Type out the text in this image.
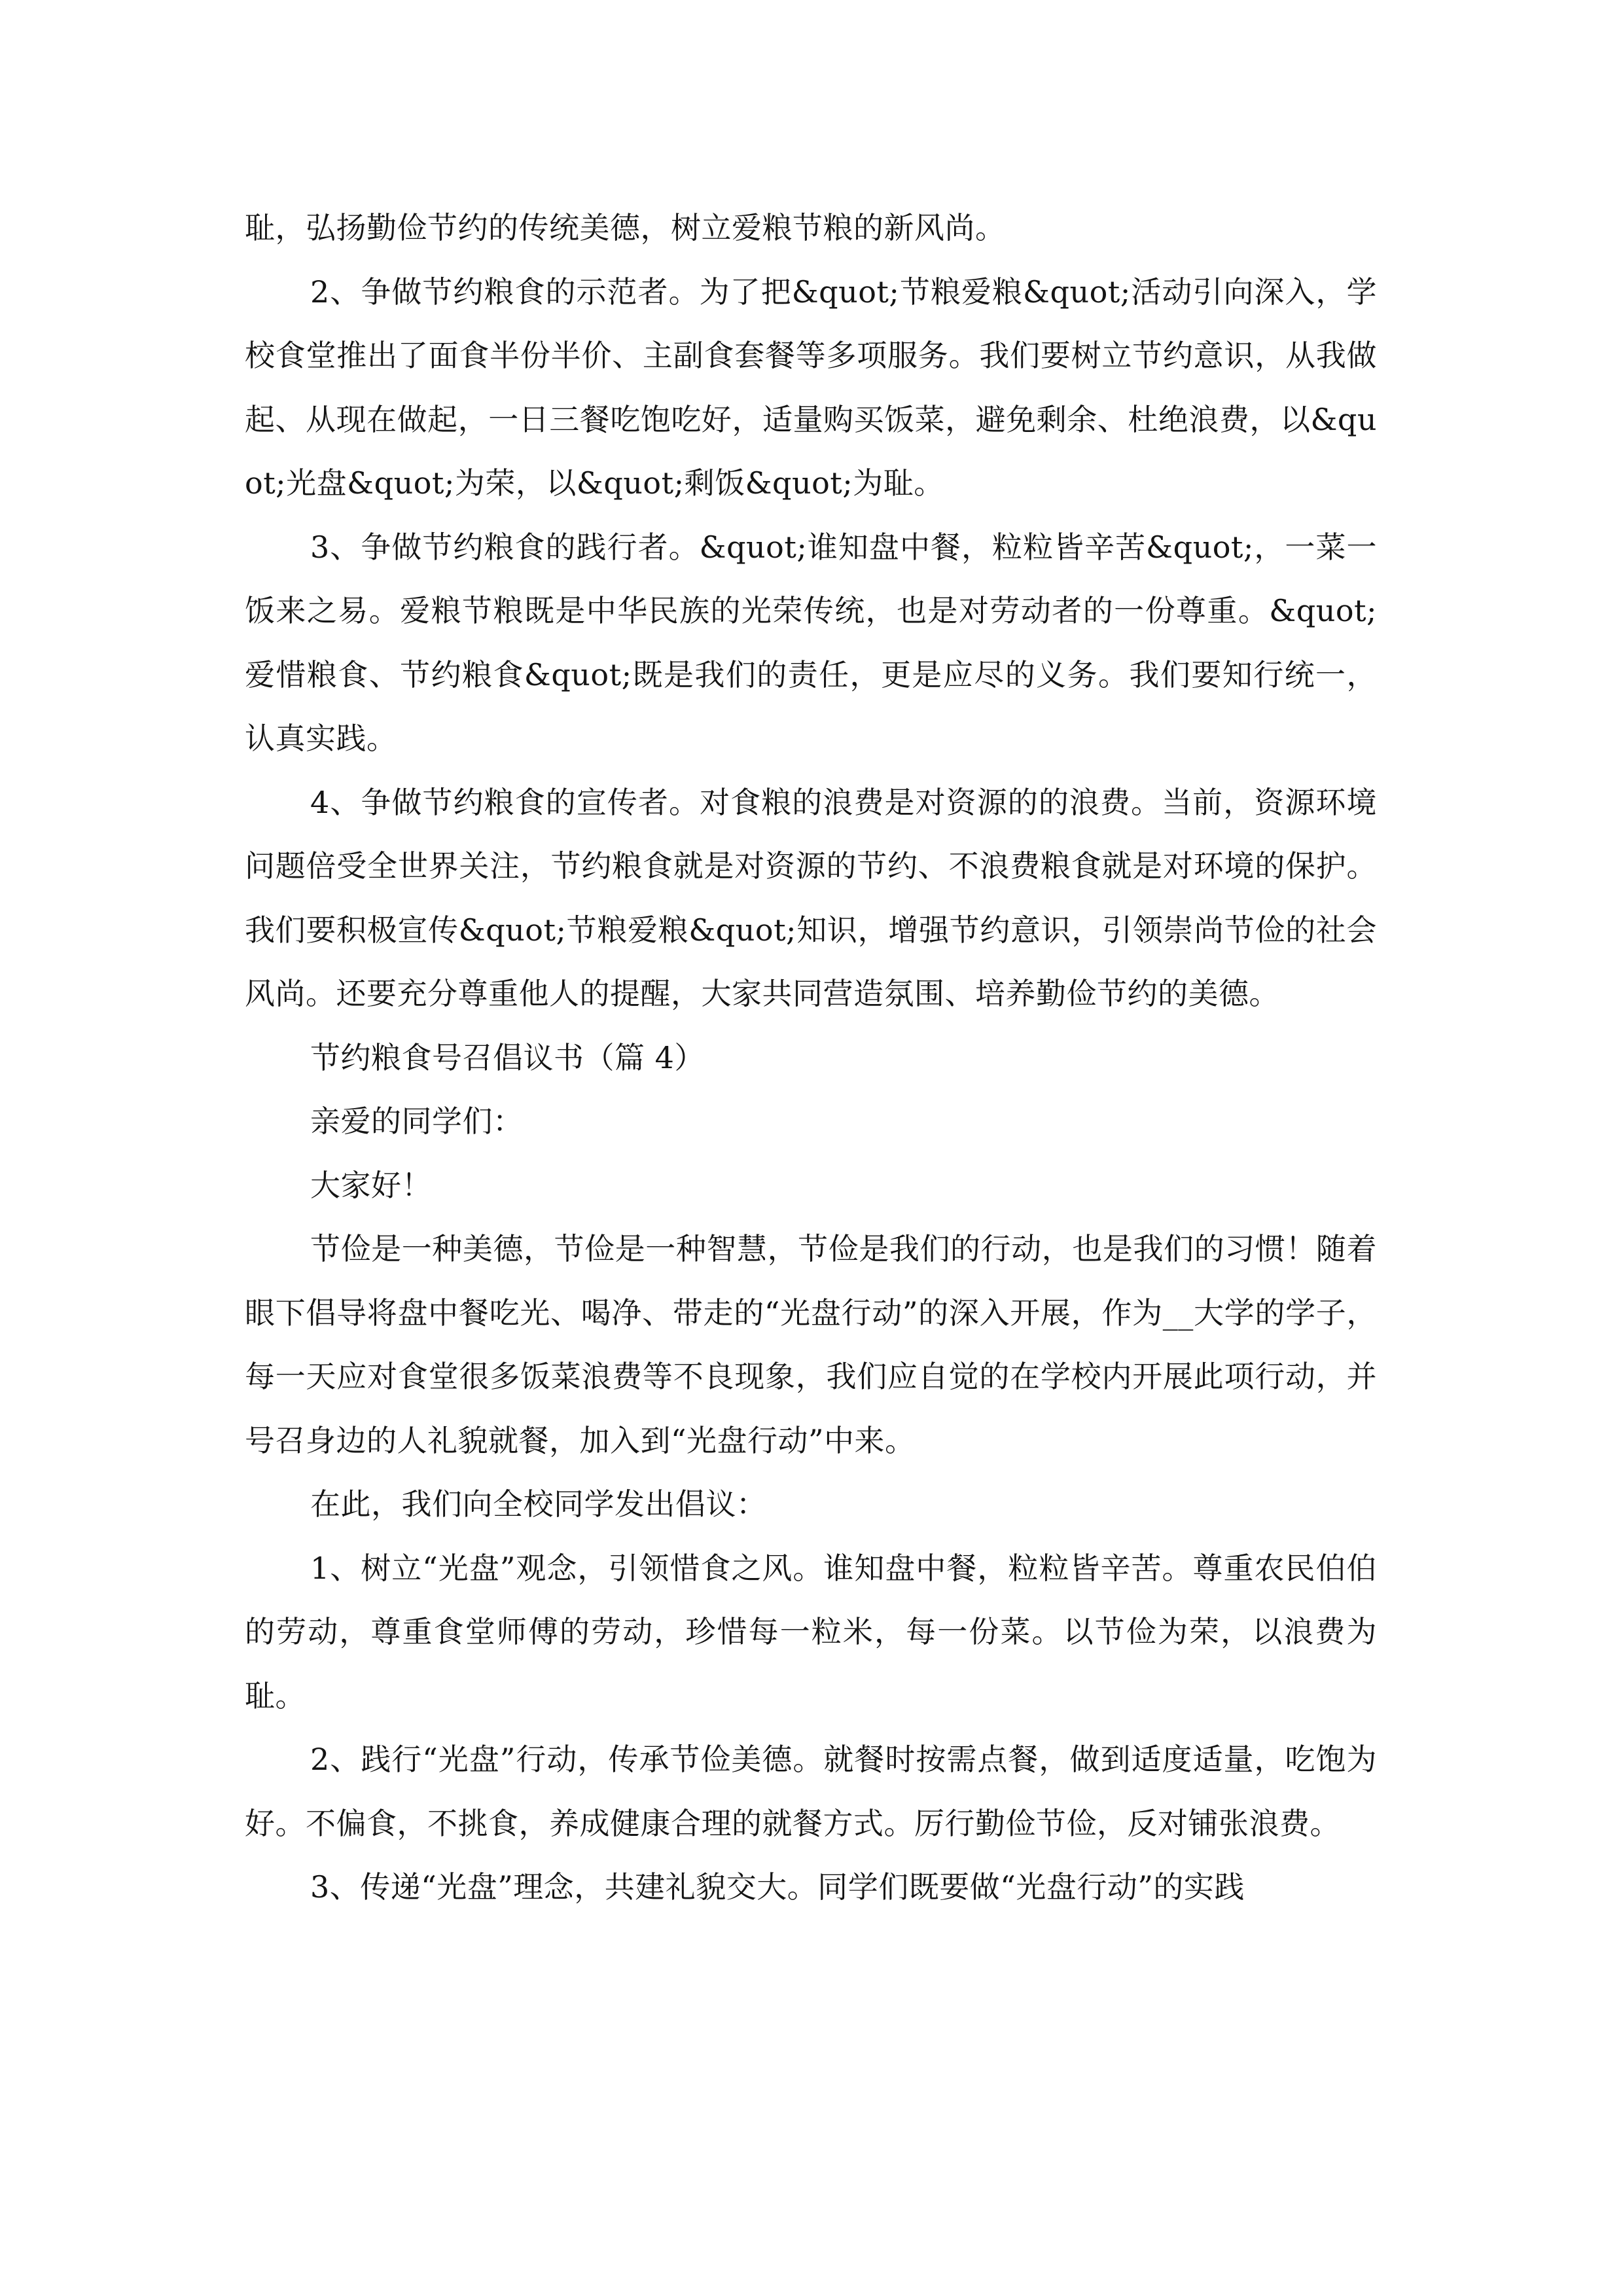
耻，弘扬勤俭节约的传统美德，树立爱粮节粮的新风尚。

2、争做节约粮食的示范者。为了把&quot;节粮爱粮&quot;活动引向深入，学校食堂推出了面食半份半价、主副食套餐等多项服务。我们要树立节约意识，从我做起、从现在做起，一日三餐吃饱吃好，适量购买饭菜，避免剩余、杜绝浪费，以&quot;光盘&quot;为荣，以&quot;剩饭&quot;为耻。

3、争做节约粮食的践行者。&quot;谁知盘中餐，粒粒皆辛苦&quot;，一菜一饭来之易。爱粮节粮既是中华民族的光荣传统，也是对劳动者的一份尊重。&quot;爱惜粮食、节约粮食&quot;既是我们的责任，更是应尽的义务。我们要知行统一，认真实践。

4、争做节约粮食的宣传者。对食粮的浪费是对资源的的浪费。当前，资源环境问题倍受全世界关注，节约粮食就是对资源的节约、不浪费粮食就是对环境的保护。我们要积极宣传&quot;节粮爱粮&quot;知识，增强节约意识，引领崇尚节俭的社会风尚。还要充分尊重他人的提醒，大家共同营造氛围、培养勤俭节约的美德。

节约粮食号召倡议书（篇 4）

亲爱的同学们：

大家好！

节俭是一种美德，节俭是一种智慧，节俭是我们的行动，也是我们的习惯！随着眼下倡导将盘中餐吃光、喝净、带走的“光盘行动”的深入开展，作为__大学的学子，每一天应对食堂很多饭菜浪费等不良现象，我们应自觉的在学校内开展此项行动，并号召身边的人礼貌就餐，加入到“光盘行动”中来。

在此，我们向全校同学发出倡议：

1、树立“光盘”观念，引领惜食之风。谁知盘中餐，粒粒皆辛苦。尊重农民伯伯的劳动，尊重食堂师傅的劳动，珍惜每一粒米，每一份菜。以节俭为荣，以浪费为耻。

2、践行“光盘”行动，传承节俭美德。就餐时按需点餐，做到适度适量，吃饱为好。不偏食，不挑食，养成健康合理的就餐方式。厉行勤俭节俭，反对铺张浪费。

3、传递“光盘”理念，共建礼貌交大。同学们既要做“光盘行动”的实践
